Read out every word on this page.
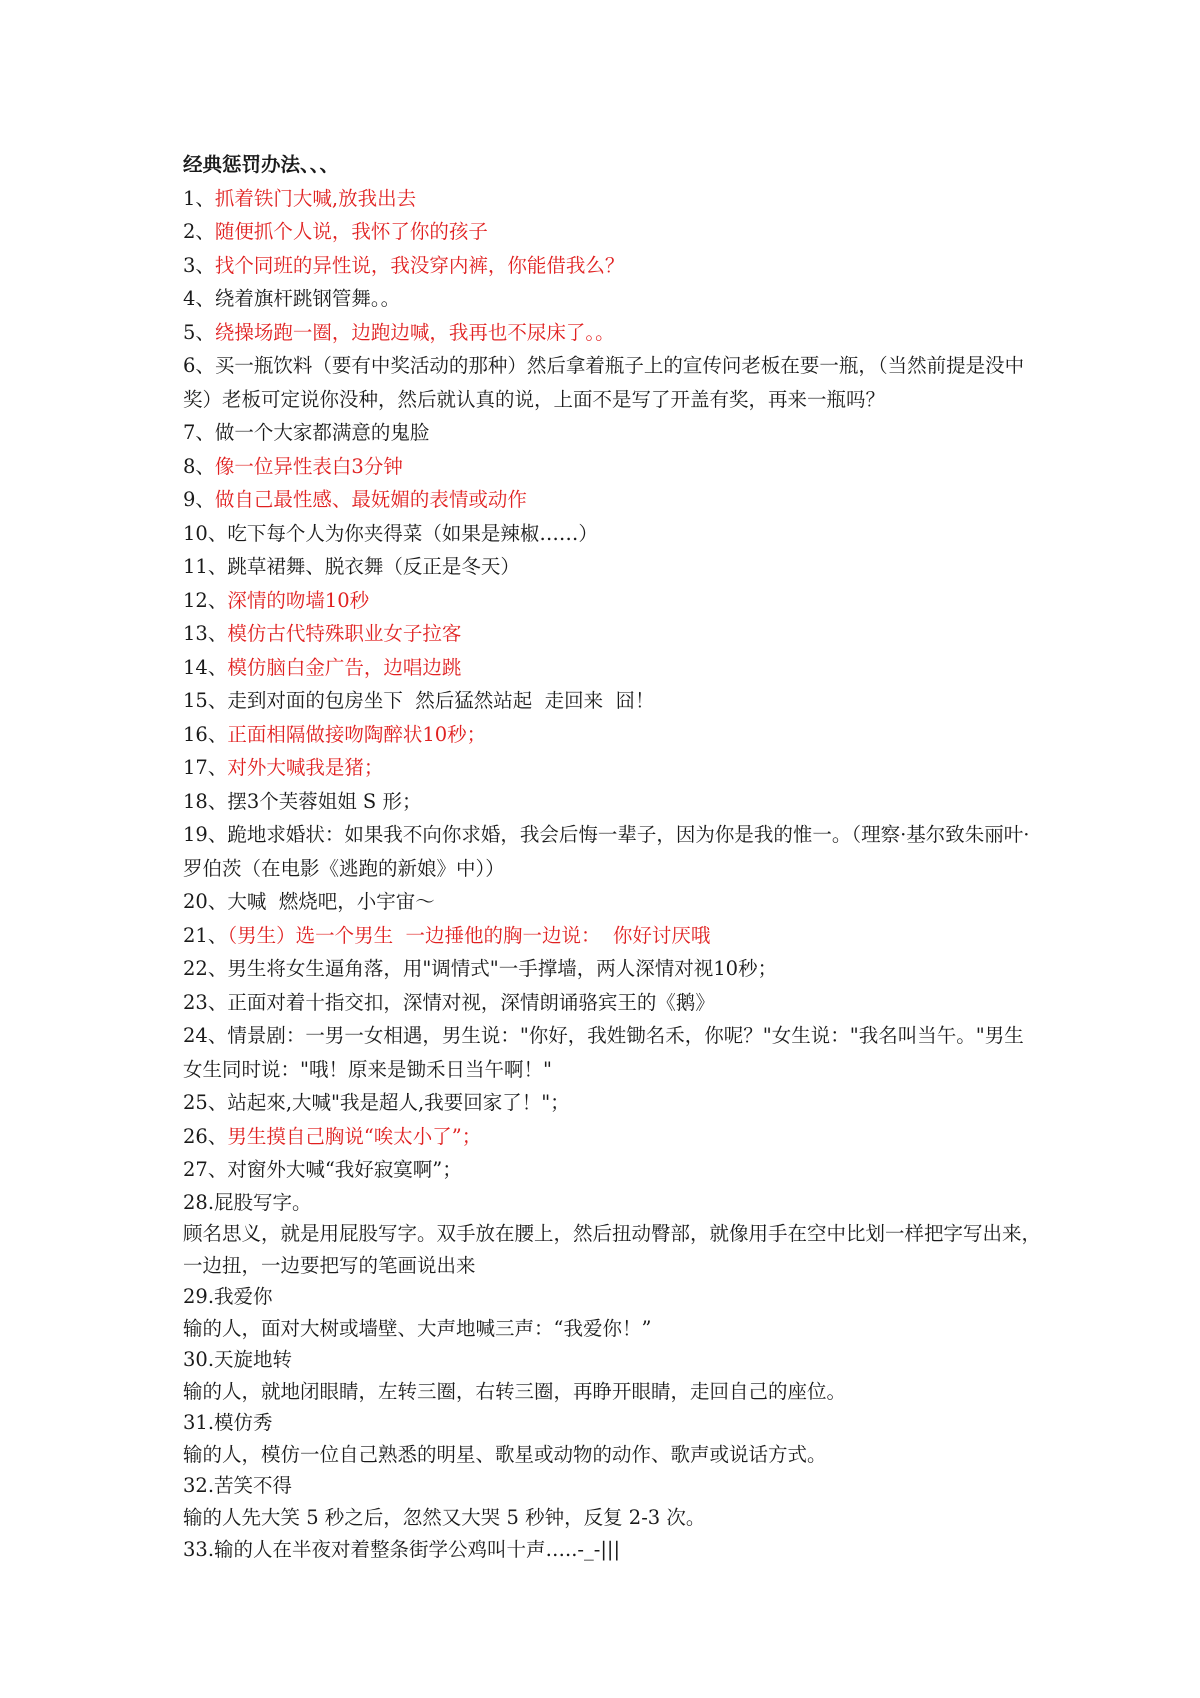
经典惩罚办法、、、

1、抓着铁门大喊,放我出去

2、随便抓个人说，我怀了你的孩子

3、找个同班的异性说，我没穿内裤，你能借我么？

4、绕着旗杆跳钢管舞。。

5、绕操场跑一圈，边跑边喊，我再也不尿床了。。

6、买一瓶饮料（要有中奖活动的那种）然后拿着瓶子上的宣传问老板在要一瓶，（当然前提是没中奖）老板可定说你没种，然后就认真的说，上面不是写了开盖有奖，再来一瓶吗？

7、做一个大家都满意的鬼脸

8、像一位异性表白3分钟

9、做自己最性感、最妩媚的表情或动作

10、吃下每个人为你夹得菜（如果是辣椒……）

11、跳草裙舞、脱衣舞（反正是冬天）

12、深情的吻墙10秒

13、模仿古代特殊职业女子拉客

14、模仿脑白金广告，边唱边跳

15、走到对面的包房坐下  然后猛然站起  走回来  囧！

16、正面相隔做接吻陶醉状10秒；

17、对外大喊我是猪；

18、摆3个芙蓉姐姐 S 形；

19、跪地求婚状：如果我不向你求婚，我会后悔一辈子，因为你是我的惟一。（理察·基尔致朱丽叶·罗伯茨（在电影《逃跑的新娘》中））

20、大喊  燃烧吧，小宇宙～

21、（男生）选一个男生  一边捶他的胸一边说：  你好讨厌哦

22、男生将女生逼角落，用"调情式"一手撑墙，两人深情对视10秒；

23、正面对着十指交扣，深情对视，深情朗诵骆宾王的《鹅》

24、情景剧：一男一女相遇，男生说："你好，我姓锄名禾，你呢？"女生说："我名叫当午。"男生女生同时说："哦！原来是锄禾日当午啊！"

25、站起來,大喊"我是超人,我要回家了！"；

26、男生摸自己胸说“唉太小了”；

27、对窗外大喊“我好寂寞啊”；

28.屁股写字。

顾名思义，就是用屁股写字。双手放在腰上，然后扭动臀部，就像用手在空中比划一样把字写出来，一边扭，一边要把写的笔画说出来

29.我爱你

输的人，面对大树或墙壁、大声地喊三声：“我爱你！”

30.天旋地转

输的人，就地闭眼睛，左转三圈，右转三圈，再睁开眼睛，走回自己的座位。

31.模仿秀

输的人，模仿一位自己熟悉的明星、歌星或动物的动作、歌声或说话方式。

32.苦笑不得

输的人先大笑 5 秒之后，忽然又大哭 5 秒钟，反复 2-3 次。

33.输的人在半夜对着整条街学公鸡叫十声…..-_-|||
